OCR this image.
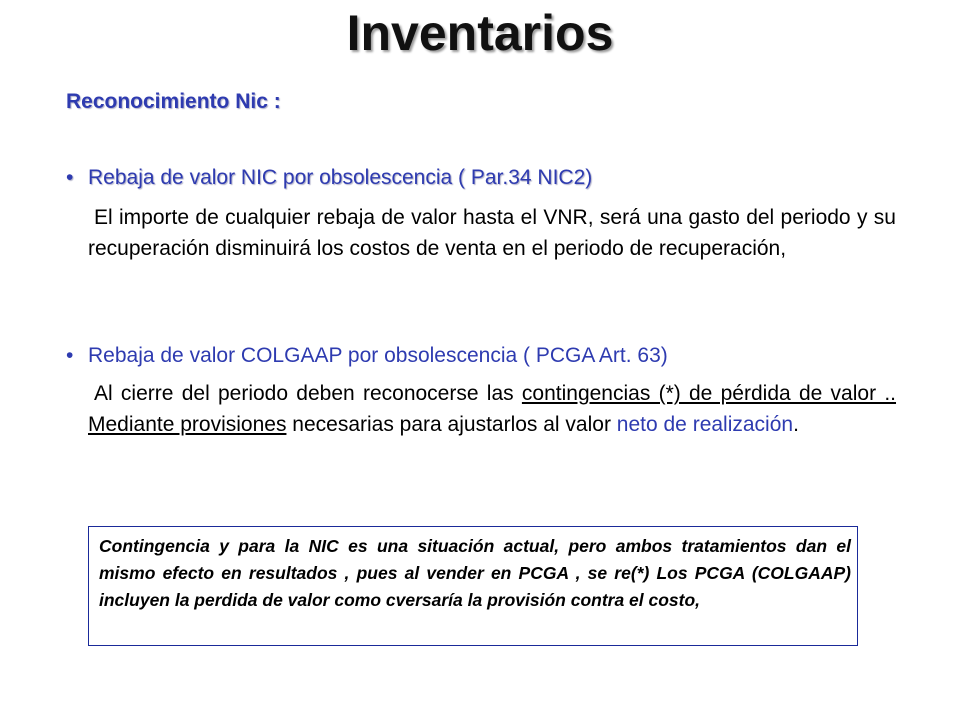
Inventarios
Reconocimiento Nic :
• Rebaja de valor NIC por obsolescencia ( Par.34 NIC2)
El importe de cualquier rebaja de valor hasta el VNR, será una gasto del periodo y su recuperación disminuirá los costos de venta en el periodo de recuperación,
• Rebaja de valor COLGAAP por obsolescencia ( PCGA Art. 63)
Al cierre del periodo deben reconocerse las contingencias (*) de pérdida de valor .. Mediante provisiones necesarias para ajustarlos al valor neto de realización.
Contingencia y para la NIC es una situación actual, pero ambos tratamientos dan el mismo efecto en resultados , pues al vender en PCGA , se re(*) Los PCGA (COLGAAP) incluyen la perdida de valor como cversaría la provisión contra el costo,
